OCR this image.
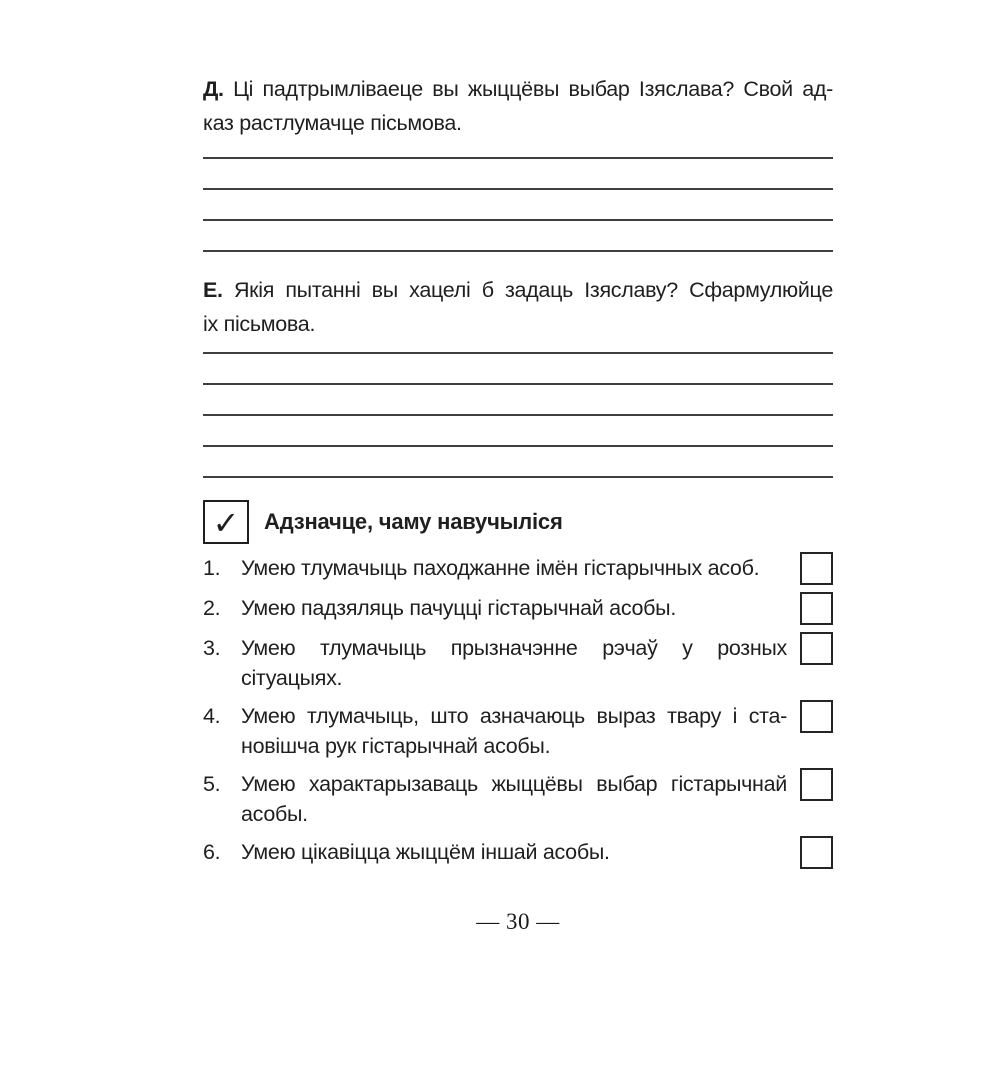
Д. Ці падтрымліваеце вы жыццёвы выбар Ізяслава? Свой ад-
каз растлумачце пісьмова.

Е. Якія пытанні вы хацелі б задаць Ізяславу? Сфармулюйце
іх пісьмова.

✓ Адзначце, чаму навучыліся
1. Умею тлумачыць паходжанне імён гістарычных асоб.
2. Умею падзяляць пачуцці гістарычнай асобы.
3. Умею тлумачыць прызначэнне рэчаў у розных
сітуацыях.
4. Умею тлумачыць, што азначаюць выраз твару і ста-
новішча рук гістарычнай асобы.
5. Умею характарызаваць жыццёвы выбар гістарычнай
асобы.
6. Умею цікавіцца жыццём іншай асобы.
— 30 —
